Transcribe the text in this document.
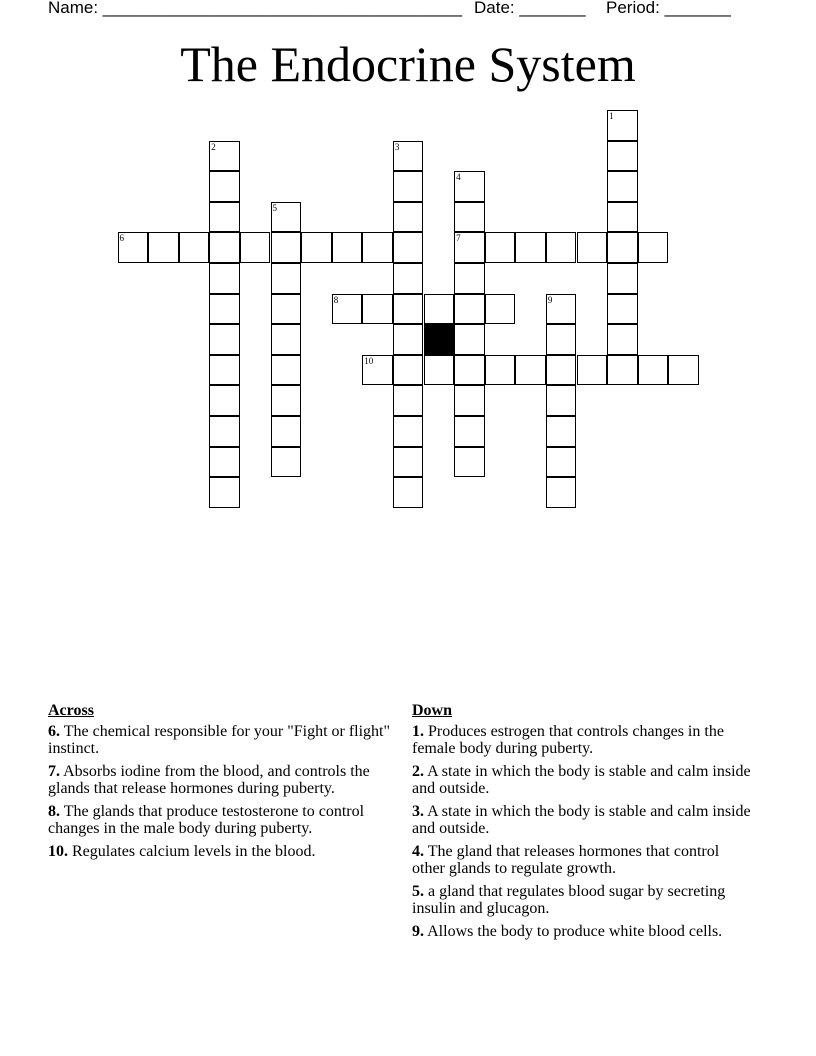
Name: ______________________________________ Date: _______ Period: _______
The Endocrine System
6	7
8
10
1
2	3
4
5
9
Across
6. The chemical responsible for your "Fight or flight" instinct.
7. Absorbs iodine from the blood, and controls the glands that release hormones during puberty.
8. The glands that produce testosterone to control changes in the male body during puberty.
10. Regulates calcium levels in the blood.
Down
1. Produces estrogen that controls changes in the female body during puberty.
2. A state in which the body is stable and calm inside and outside.
3. A state in which the body is stable and calm inside and outside.
4. The gland that releases hormones that control other glands to regulate growth.
5. a gland that regulates blood sugar by secreting insulin and glucagon.
9. Allows the body to produce white blood cells.
